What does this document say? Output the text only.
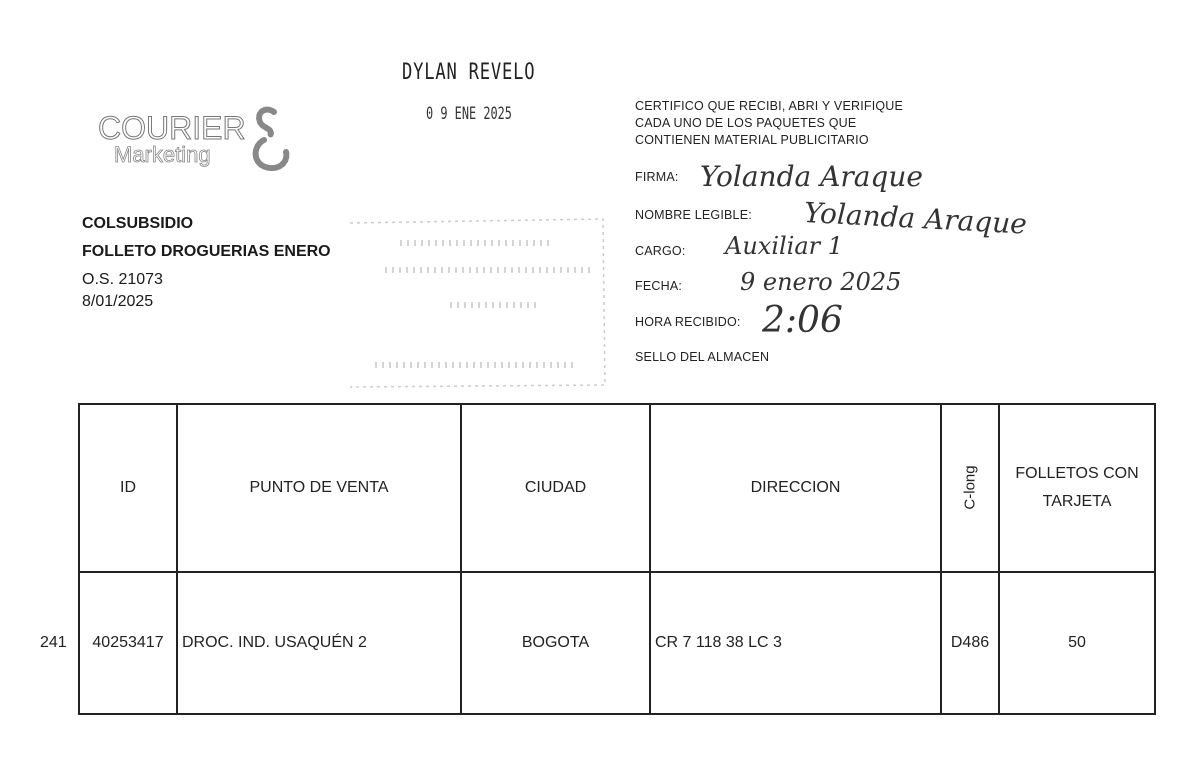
DYLAN REVELO
0 9 ENE 2025
COURIER
Marketing
COLSUBSIDIO
FOLLETO DROGUERIAS ENERO
O.S. 21073
8/01/2025
CERTIFICO QUE RECIBI, ABRI Y VERIFIQUE
CADA UNO DE LOS PAQUETES QUE
CONTIENEN MATERIAL PUBLICITARIO
FIRMA: Yolanda Araque
NOMBRE LEGIBLE: Yolanda Araque
CARGO: Auxiliar 1
FECHA: 9 enero 2025
HORA RECIBIDO: 2:06
SELLO DEL ALMACEN
241
ID	PUNTO DE VENTA	CIUDAD	DIRECCION	C-long	FOLLETOS CON TARJETA
40253417	DROC. IND. USAQUÉN 2	BOGOTA	CR 7 118 38 LC 3	D486	50
